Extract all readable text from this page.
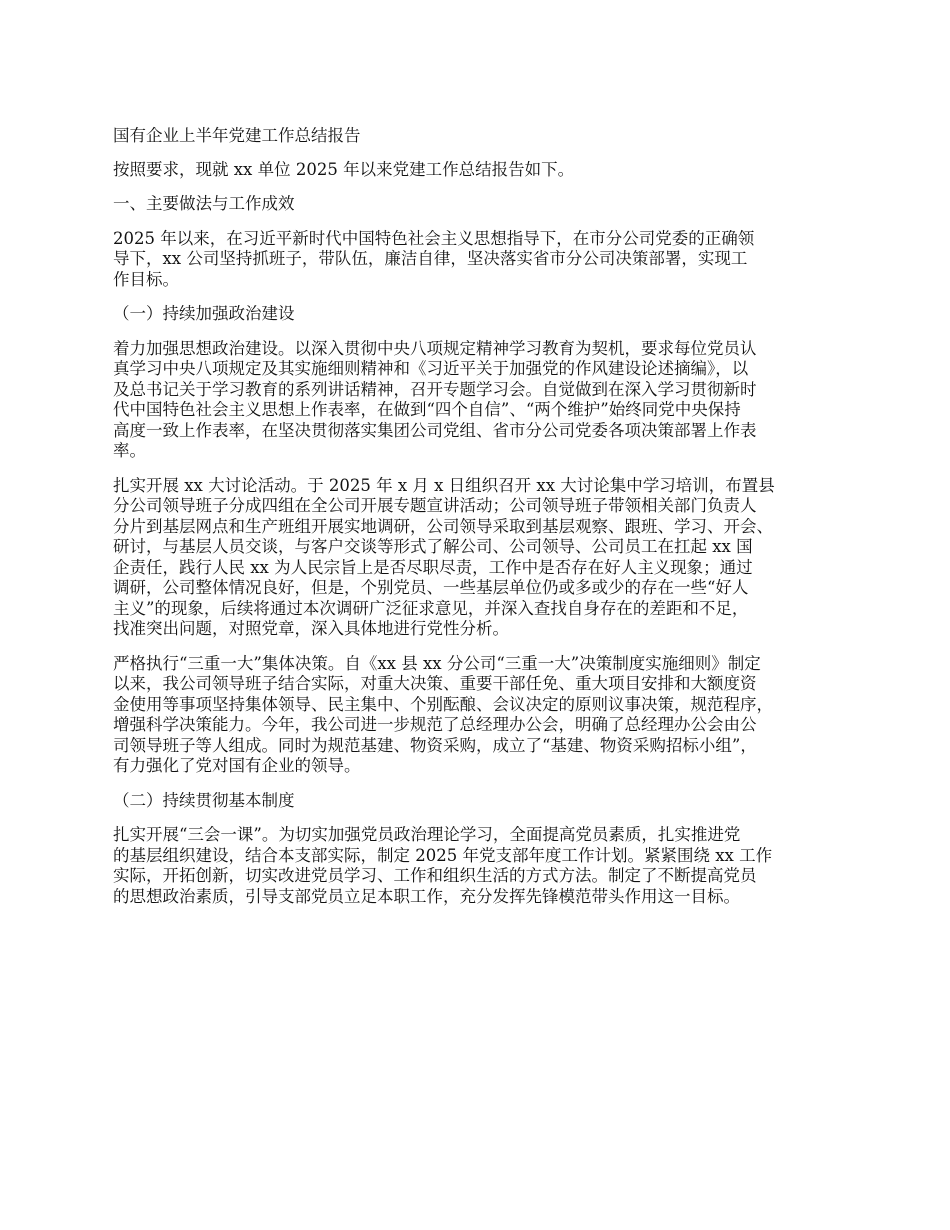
国有企业上半年党建工作总结报告
按照要求，现就 xx 单位 2025 年以来党建工作总结报告如下。
一、主要做法与工作成效
2025 年以来，在习近平新时代中国特色社会主义思想指导下，在市分公司党委的正确领
导下，xx 公司坚持抓班子，带队伍，廉洁自律，坚决落实省市分公司决策部署，实现工
作目标。
（一）持续加强政治建设
着力加强思想政治建设。以深入贯彻中央八项规定精神学习教育为契机，要求每位党员认
真学习中央八项规定及其实施细则精神和《习近平关于加强党的作风建设论述摘编》，以
及总书记关于学习教育的系列讲话精神，召开专题学习会。自觉做到在深入学习贯彻新时
代中国特色社会主义思想上作表率，在做到“四个自信”、“两个维护”始终同党中央保持
高度一致上作表率，在坚决贯彻落实集团公司党组、省市分公司党委各项决策部署上作表
率。
扎实开展 xx 大讨论活动。于 2025 年 x 月 x 日组织召开 xx 大讨论集中学习培训，布置县
分公司领导班子分成四组在全公司开展专题宣讲活动；公司领导班子带领相关部门负责人
分片到基层网点和生产班组开展实地调研，公司领导采取到基层观察、跟班、学习、开会、
研讨，与基层人员交谈，与客户交谈等形式了解公司、公司领导、公司员工在扛起 xx 国
企责任，践行人民 xx 为人民宗旨上是否尽职尽责，工作中是否存在好人主义现象；通过
调研，公司整体情况良好，但是，个别党员、一些基层单位仍或多或少的存在一些“好人
主义”的现象，后续将通过本次调研广泛征求意见，并深入查找自身存在的差距和不足，
找准突出问题，对照党章，深入具体地进行党性分析。
严格执行“三重一大”集体决策。自《xx 县 xx 分公司“三重一大”决策制度实施细则》制定
以来，我公司领导班子结合实际，对重大决策、重要干部任免、重大项目安排和大额度资
金使用等事项坚持集体领导、民主集中、个别酝酿、会议决定的原则议事决策，规范程序，
增强科学决策能力。今年，我公司进一步规范了总经理办公会，明确了总经理办公会由公
司领导班子等人组成。同时为规范基建、物资采购，成立了“基建、物资采购招标小组”，
有力强化了党对国有企业的领导。
（二）持续贯彻基本制度
扎实开展“三会一课”。为切实加强党员政治理论学习，全面提高党员素质，扎实推进党
的基层组织建设，结合本支部实际，制定 2025 年党支部年度工作计划。紧紧围绕 xx 工作
实际，开拓创新，切实改进党员学习、工作和组织生活的方式方法。制定了不断提高党员
的思想政治素质，引导支部党员立足本职工作，充分发挥先锋模范带头作用这一目标。
